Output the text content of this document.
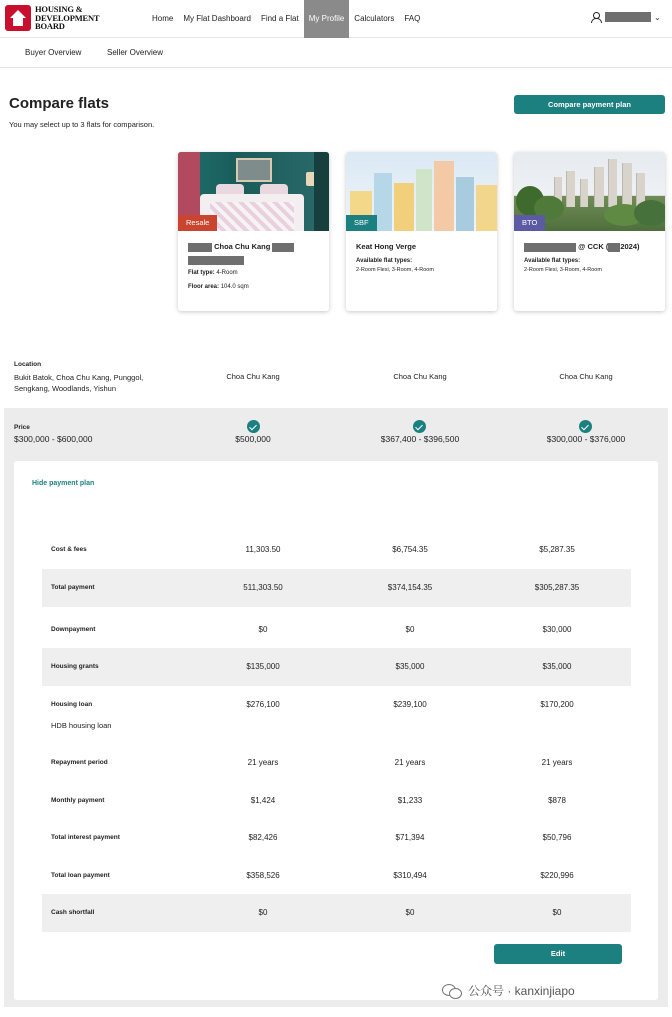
HOUSING &
DEVELOPMENT
BOARD
Home	My Flat Dashboard	Find a Flat	My Profile	Calculators	FAQ	⌄
Buyer Overview	Seller Overview
Compare flats
You may select up to 3 flats for comparison.
Compare payment plan
Resale
Choa Chu Kang

Flat type: 4-Room
Floor area: 104.0 sqm
SBF
Keat Hong Verge
Available flat types:
2-Room Flexi, 3-Room, 4-Room
BTO
@ CCK ( 2024)
Available flat types:
2-Room Flexi, 3-Room, 4-Room
Location
Bukit Batok, Choa Chu Kang, Punggol, Sengkang, Woodlands, Yishun
Choa Chu Kang	Choa Chu Kang	Choa Chu Kang
Price
$300,000 - $600,000	$500,000	$367,400 - $396,500	$300,000 - $376,000
Hide payment plan
Cost & fees	11,303.50	$6,754.35	$5,287.35
Total payment	511,303.50	$374,154.35	$305,287.35
Downpayment	$0	$0	$30,000
Housing grants	$135,000	$35,000	$35,000
Housing loan	$276,100	$239,100	$170,200
HDB housing loan
Repayment period	21 years	21 years	21 years
Monthly payment	$1,424	$1,233	$878
Total interest payment	$82,426	$71,394	$50,796
Total loan payment	$358,526	$310,494	$220,996
Cash shortfall	$0	$0	$0
Edit
公众号 · kanxinjiapo
